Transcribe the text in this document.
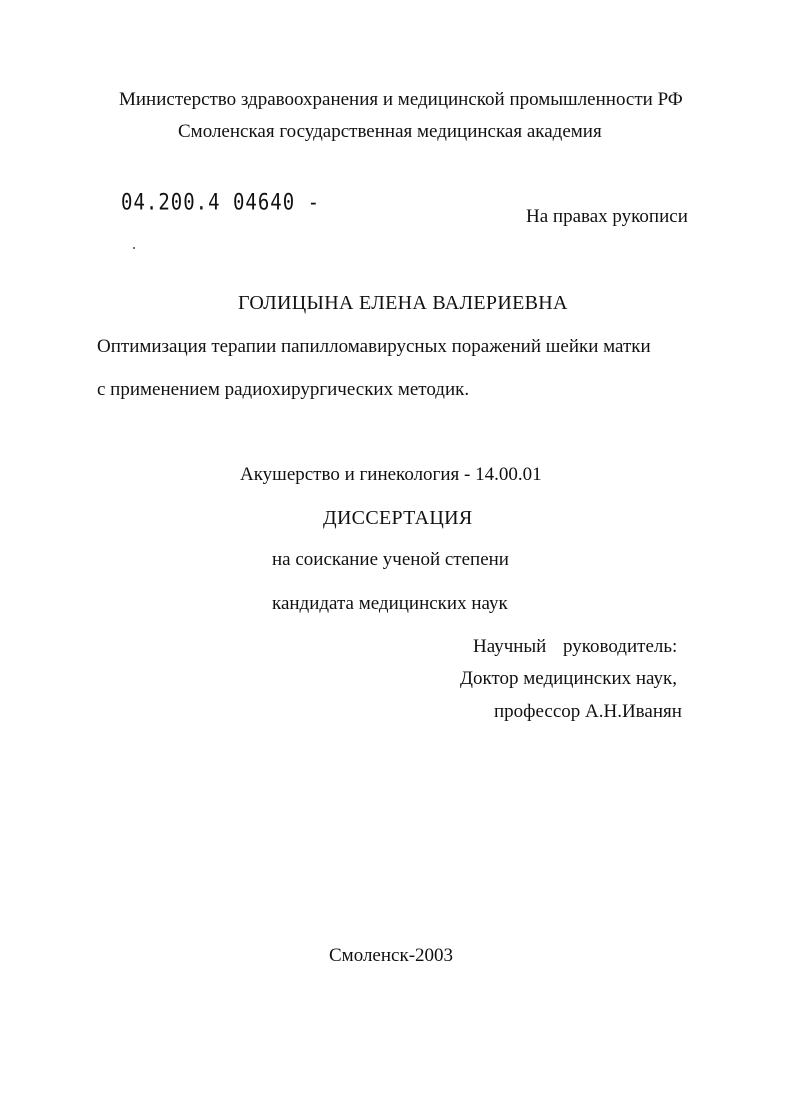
Министерство здравоохранения и медицинской промышленности РФ
Смоленская государственная медицинская академия
04.200.4 04640 -
На правах рукописи
ГОЛИЦЫНА ЕЛЕНА ВАЛЕРИЕВНА
Оптимизация терапии папилломавирусных поражений шейки матки
с применением радиохирургических методик.
Акушерство и гинекология - 14.00.01
ДИССЕРТАЦИЯ
на соискание ученой степени
кандидата медицинских наук
Научный руководитель:
Доктор медицинских наук,
профессор А.Н.Иванян
Смоленск-2003
